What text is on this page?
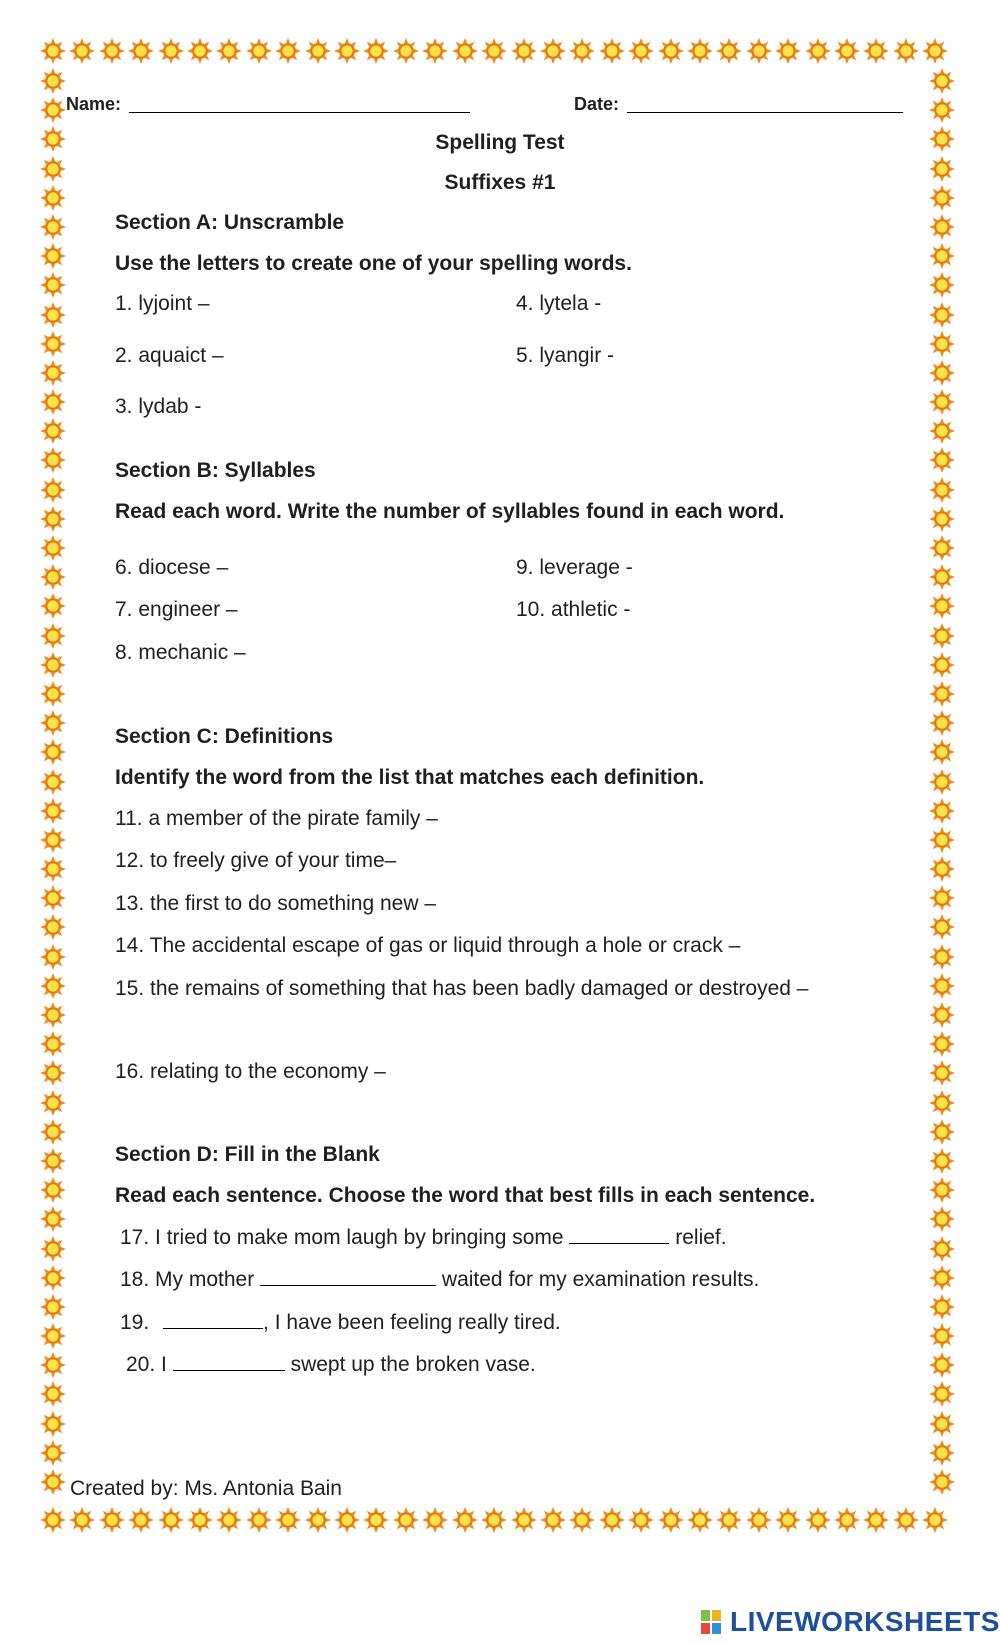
Name:	Date:
Spelling Test
Suffixes #1
Section A: Unscramble
Use the letters to create one of your spelling words.
1. lyjoint –
2. aquaict –
3. lydab -
4. lytela -
5. lyangir -
Section B: Syllables
Read each word. Write the number of syllables found in each word.
6. diocese –
7. engineer –
8. mechanic –
9. leverage -
10. athletic -
Section C: Definitions
Identify the word from the list that matches each definition.
11. a member of the pirate family –
12. to freely give of your time–
13. the first to do something new –
14. The accidental escape of gas or liquid through a hole or crack –
15. the remains of something that has been badly damaged or destroyed –
16. relating to the economy –
Section D: Fill in the Blank
Read each sentence. Choose the word that best fills in each sentence.
17. I tried to make mom laugh by bringing some	relief.
18. My mother	waited for my examination results.
19.	, I have been feeling really tired.
20. I	swept up the broken vase.
Created by: Ms. Antonia Bain
LIVEWORKSHEETS
